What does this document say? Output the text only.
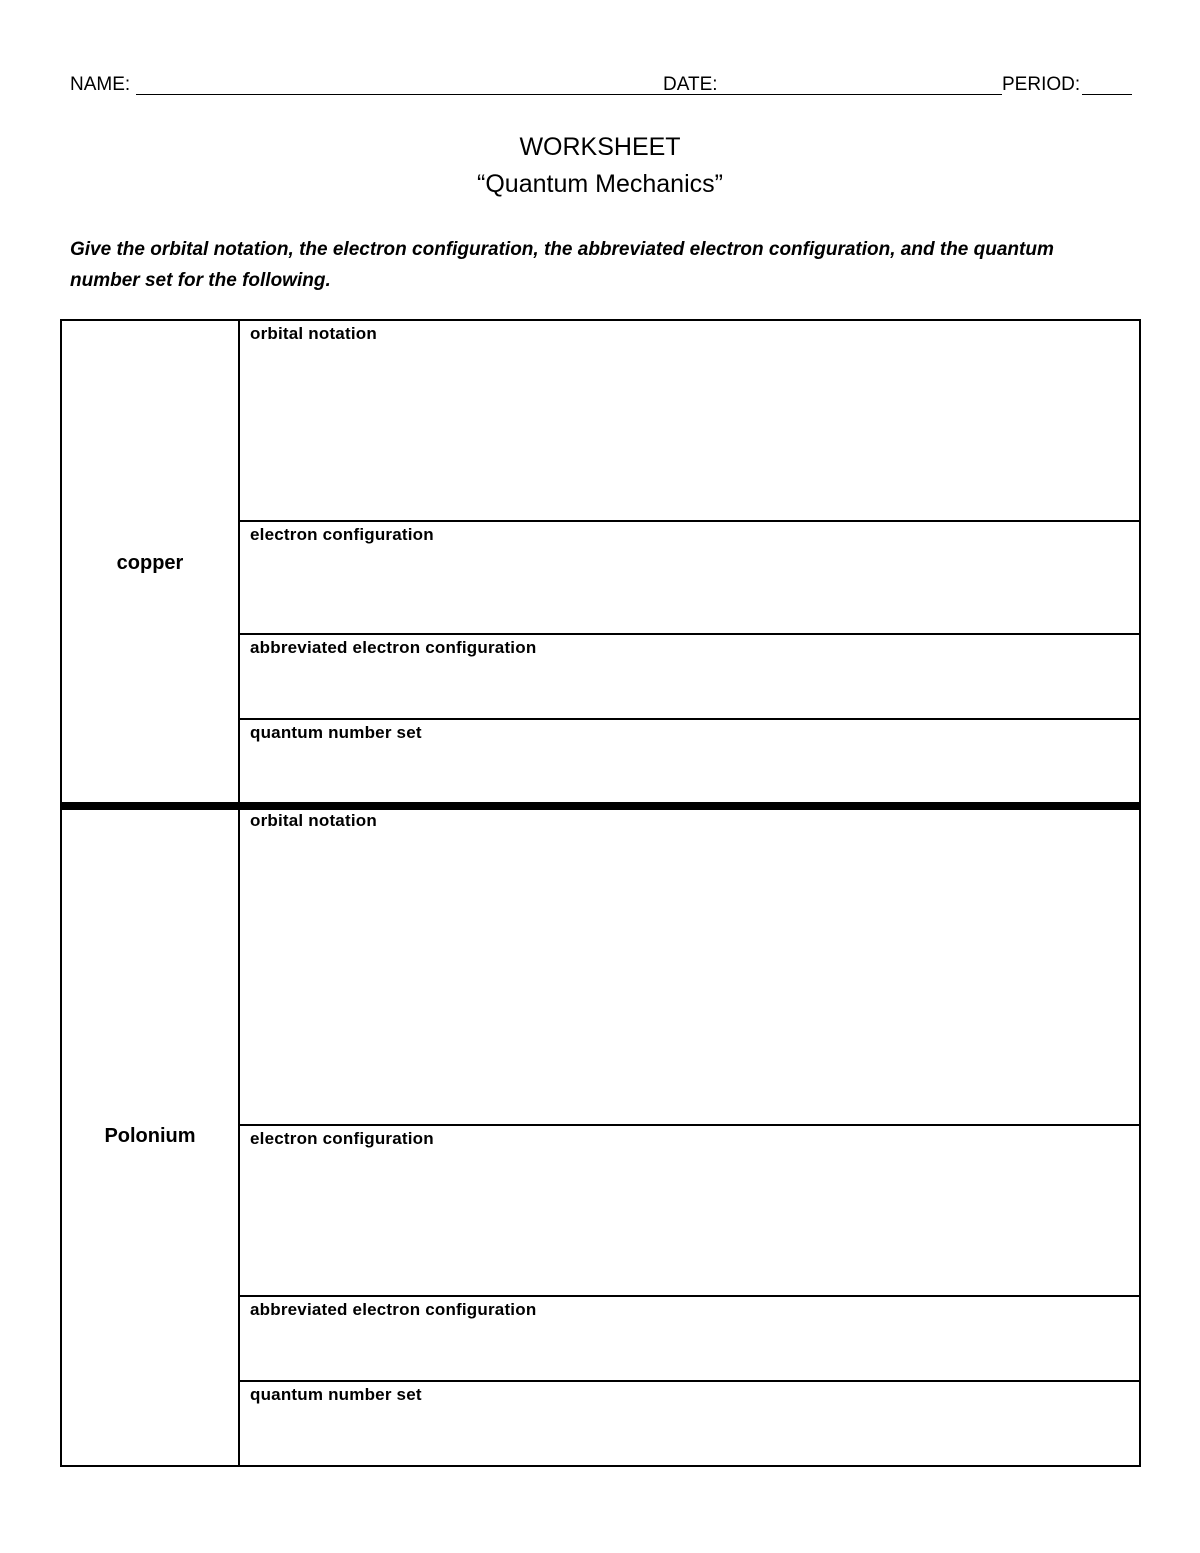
NAME:	DATE:	PERIOD:
WORKSHEET
“Quantum Mechanics”
Give the orbital notation, the electron configuration, the abbreviated electron configuration, and the quantum number set for the following.
copper
orbital notation
electron configuration
abbreviated electron configuration
quantum number set
Polonium
orbital notation
electron configuration
abbreviated electron configuration
quantum number set
